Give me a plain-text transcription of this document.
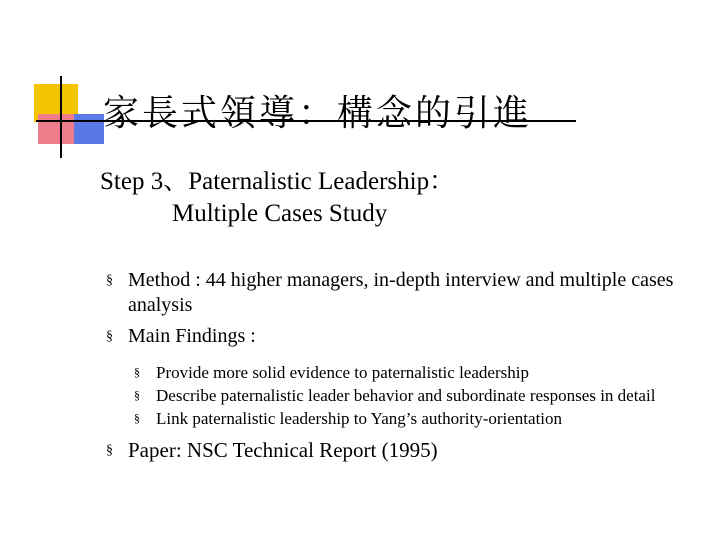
家長式領導：構念的引進
Step 3、Paternalistic Leadership：
Multiple Cases Study
§ Method : 44 higher managers, in-depth interview and multiple cases analysis
§ Main Findings :
§ Provide more solid evidence to paternalistic leadership
§ Describe paternalistic leader behavior and subordinate responses in detail
§ Link paternalistic leadership to Yang’s authority-orientation
§ Paper: NSC Technical Report (1995)
